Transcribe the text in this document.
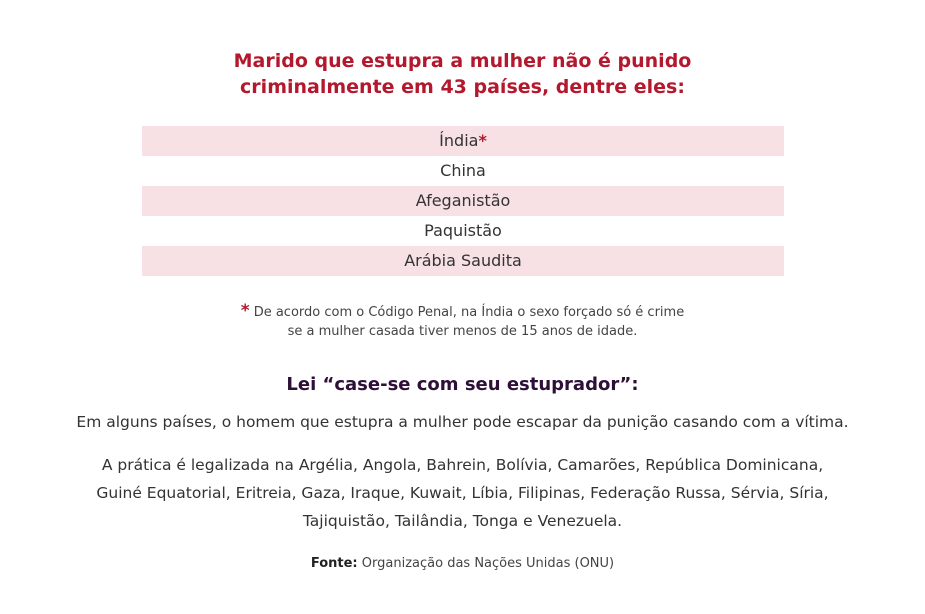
Marido que estupra a mulher não é punido
criminalmente em 43 países, dentre eles:
Índia*
China
Afeganistão
Paquistão
Arábia Saudita
* De acordo com o Código Penal, na Índia o sexo forçado só é crime
se a mulher casada tiver menos de 15 anos de idade.
Lei “case-se com seu estuprador”:
Em alguns países, o homem que estupra a mulher pode escapar da punição casando com a vítima.
A prática é legalizada na Argélia, Angola, Bahrein, Bolívia, Camarões, República Dominicana,
Guiné Equatorial, Eritreia, Gaza, Iraque, Kuwait, Líbia, Filipinas, Federação Russa, Sérvia, Síria,
Tajiquistão, Tailândia, Tonga e Venezuela.
Fonte: Organização das Nações Unidas (ONU)
